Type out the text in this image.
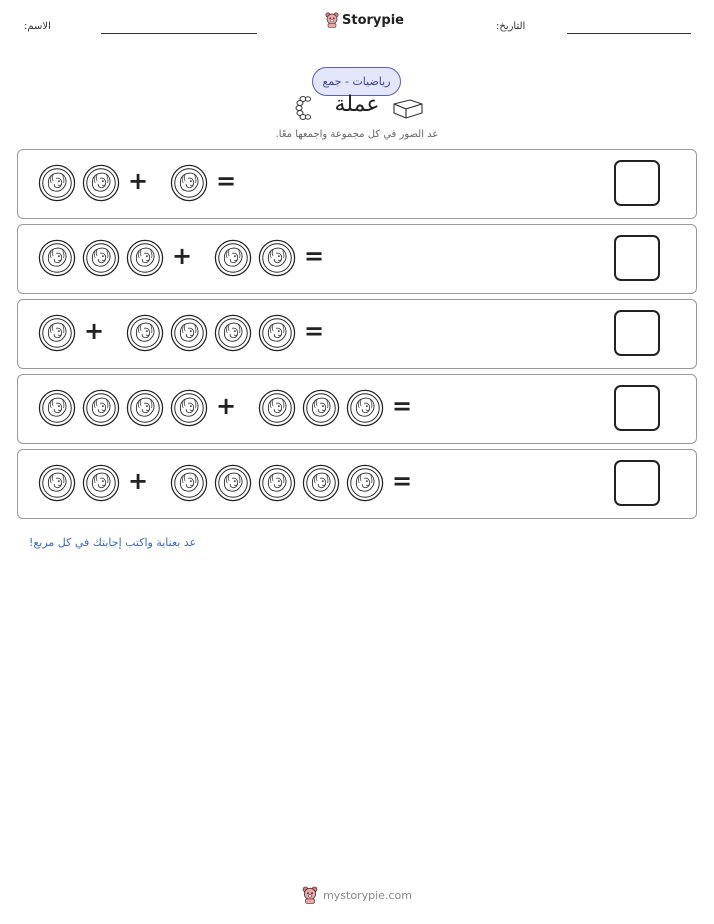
الاسم:	Storypie	التاريخ:
رياضيات - جمع
عملة
عد الصور في كل مجموعة واجمعها معًا.
+	=
+	=
+	=
+	=
+	=
عد بعناية واكتب إجابتك في كل مربع!
mystorypie.com
